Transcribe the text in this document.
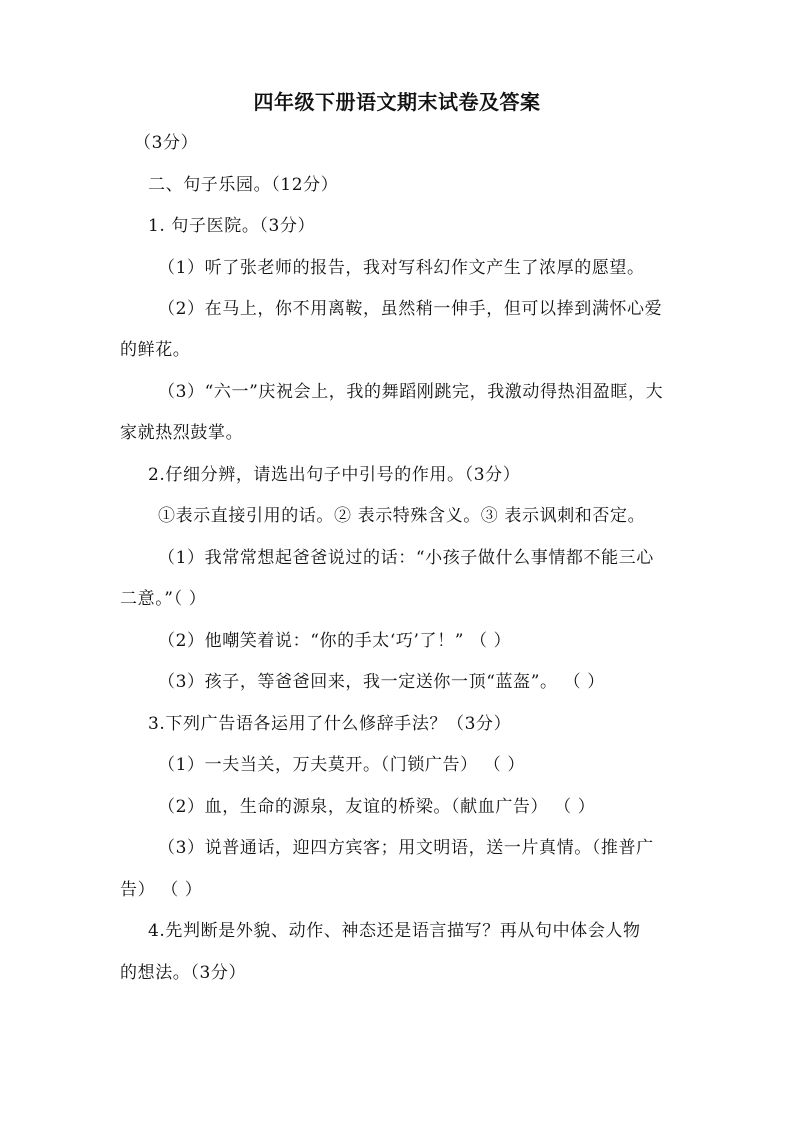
四年级下册语文期末试卷及答案
（3分）
二、句子乐园。（12分）
1. 句子医院。（3分）
（1）听了张老师的报告，我对写科幻作文产生了浓厚的愿望。
（2）在马上，你不用离鞍，虽然稍一伸手，但可以捧到满怀心爱
的鲜花。
（3）“六一”庆祝会上，我的舞蹈刚跳完，我激动得热泪盈眶，大
家就热烈鼓掌。
2.仔细分辨，请选出句子中引号的作用。（3分）
①表示直接引用的话。② 表示特殊含义。③ 表示讽刺和否定。
（1）我常常想起爸爸说过的话：“小孩子做什么事情都不能三心
二意。”（ ）
（2）他嘲笑着说：“你的手太‘巧’了！” （ ）
（3）孩子，等爸爸回来，我一定送你一顶“蓝盔”。 （ ）
3.下列广告语各运用了什么修辞手法？（3分）
（1）一夫当关，万夫莫开。（门锁广告） （ ）
（2）血，生命的源泉，友谊的桥梁。（献血广告） （ ）
（3）说普通话，迎四方宾客；用文明语，送一片真情。（推普广
告） （ ）
4.先判断是外貌、动作、神态还是语言描写？再从句中体会人物
的想法。（3分）
